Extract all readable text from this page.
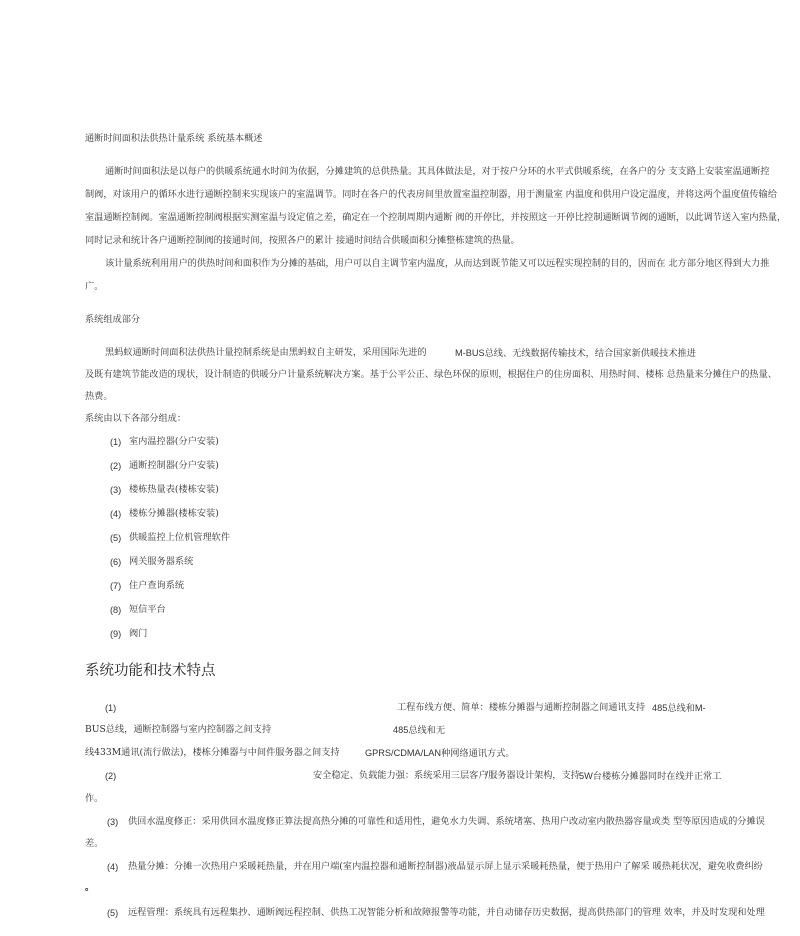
通断时间面积法供热计量系统 系统基本概述
通断时间面积法是以每户的供暖系统通水时间为依据，分摊建筑的总供热量。其具体做法是，对于按户分环的水平式供暖系统，在各户的分 支支路上安装室温通断控
制阀，对该用户的循环水进行通断控制来实现该户的室温调节。同时在各户的代表房间里放置室温控制器，用于测量室 内温度和供用户设定温度，并将这两个温度值传输给
室温通断控制阀。室温通断控制阀根据实测室温与设定值之差，确定在一个控制周期内通断 阀的开停比，并按照这一开停比控制通断调节阀的通断，以此调节送入室内热量，
同时记录和统计各户通断控制阀的接通时间，按照各户的累计 接通时间结合供暖面积分摊整栋建筑的热量。
该计量系统利用用户的供热时间和面积作为分摊的基础，用户可以自主调节室内温度，从而达到既节能又可以远程实现控制的目的，因而在 北方部分地区得到大力推
广。
系统组成部分
黑蚂蚁通断时间面积法供热计量控制系统是由黑蚂蚁自主研发，采用国际先进的	M-BUS总线、无线数据传输技术，结合国家新供暖技术推进
及既有建筑节能改造的现状，设计制造的供暖分户计量系统解决方案。基于公平公正、绿色环保的原则，根据住户的住房面积、用热时间、楼栋 总热量来分摊住户的热量、
热费。
系统由以下各部分组成：
(1) 室内温控器(分户安装)
(2) 通断控制器(分户安装)
(3) 楼栋热量表(楼栋安装)
(4) 楼栋分摊器(楼栋安装)
(5) 供暖监控上位机管理软件
(6) 网关服务器系统
(7) 住户查询系统
(8) 短信平台
(9) 阀门
系统功能和技术特点
(1)	工程布线方便、简单：楼栋分摊器与通断控制器之间通讯支持 485总线和M-
BUS总线，通断控制器与室内控制器之间支持	485总线和无
线433M通讯(流行做法)，楼栋分摊器与中间件服务器之间支持	GPRS/CDMA/LAN种网络通讯方式。
(2)	安全稳定、负载能力强：系统采用三层客户
/服务器设计架构，支持 5W台楼栋分摊器同时在线并正常工
作。
(3) 供回水温度修正：采用供回水温度修正算法提高热分摊的可靠性和适用性，避免水力失调、系统堵塞、热用户改动室内散热器容量或类 型等原因造成的分摊误
差。
(4) 热量分摊：分摊一次热用户采暖耗热量，并在用户端(室内温控器和通断控制器)液晶显示屏上显示采暖耗热量，便于热用户了解采 暖热耗状况，避免收费纠纷
。
(5) 远程管理：系统具有远程集抄、通断阀远程控制、供热工况智能分析和故障报警等功能，并自动储存历史数据，提高供热部门的管理 效率，并及时发现和处理
